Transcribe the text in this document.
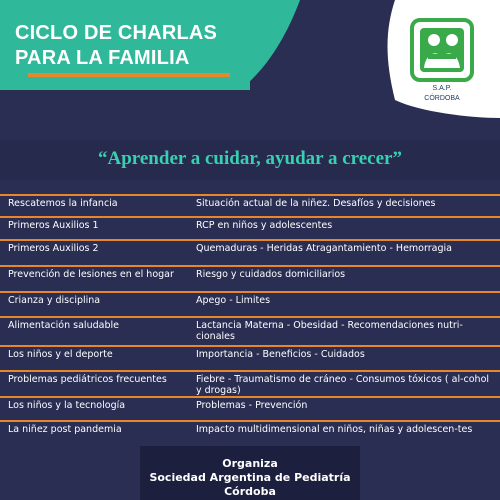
CICLO DE CHARLAS
PARA LA FAMILIA
S.A.P.
CÓRDOBA
“Aprender a cuidar, ayudar a crecer”
Rescatemos la infancia	Situación actual de la niñez. Desafíos y decisiones
Primeros Auxilios 1	RCP en niños y adolescentes
Primeros Auxilios 2	Quemaduras - Heridas Atragantamiento - Hemorragia
Prevención de lesiones en el hogar	Riesgo y cuidados domiciliarios
Crianza y disciplina	Apego - Limites
Alimentación saludable	Lactancia Materna - Obesidad - Recomendaciones nutri-cionales
Los niños y el deporte	Importancia - Beneficios - Cuidados
Problemas pediátricos frecuentes	Fiebre - Traumatismo de cráneo - Consumos tóxicos ( al-cohol y drogas)
Los niños y la tecnología	Problemas - Prevención
La niñez post pandemia	Impacto multidimensional en niños, niñas y adolescen-tes
Organiza
Sociedad Argentina de Pediatría
Córdoba
